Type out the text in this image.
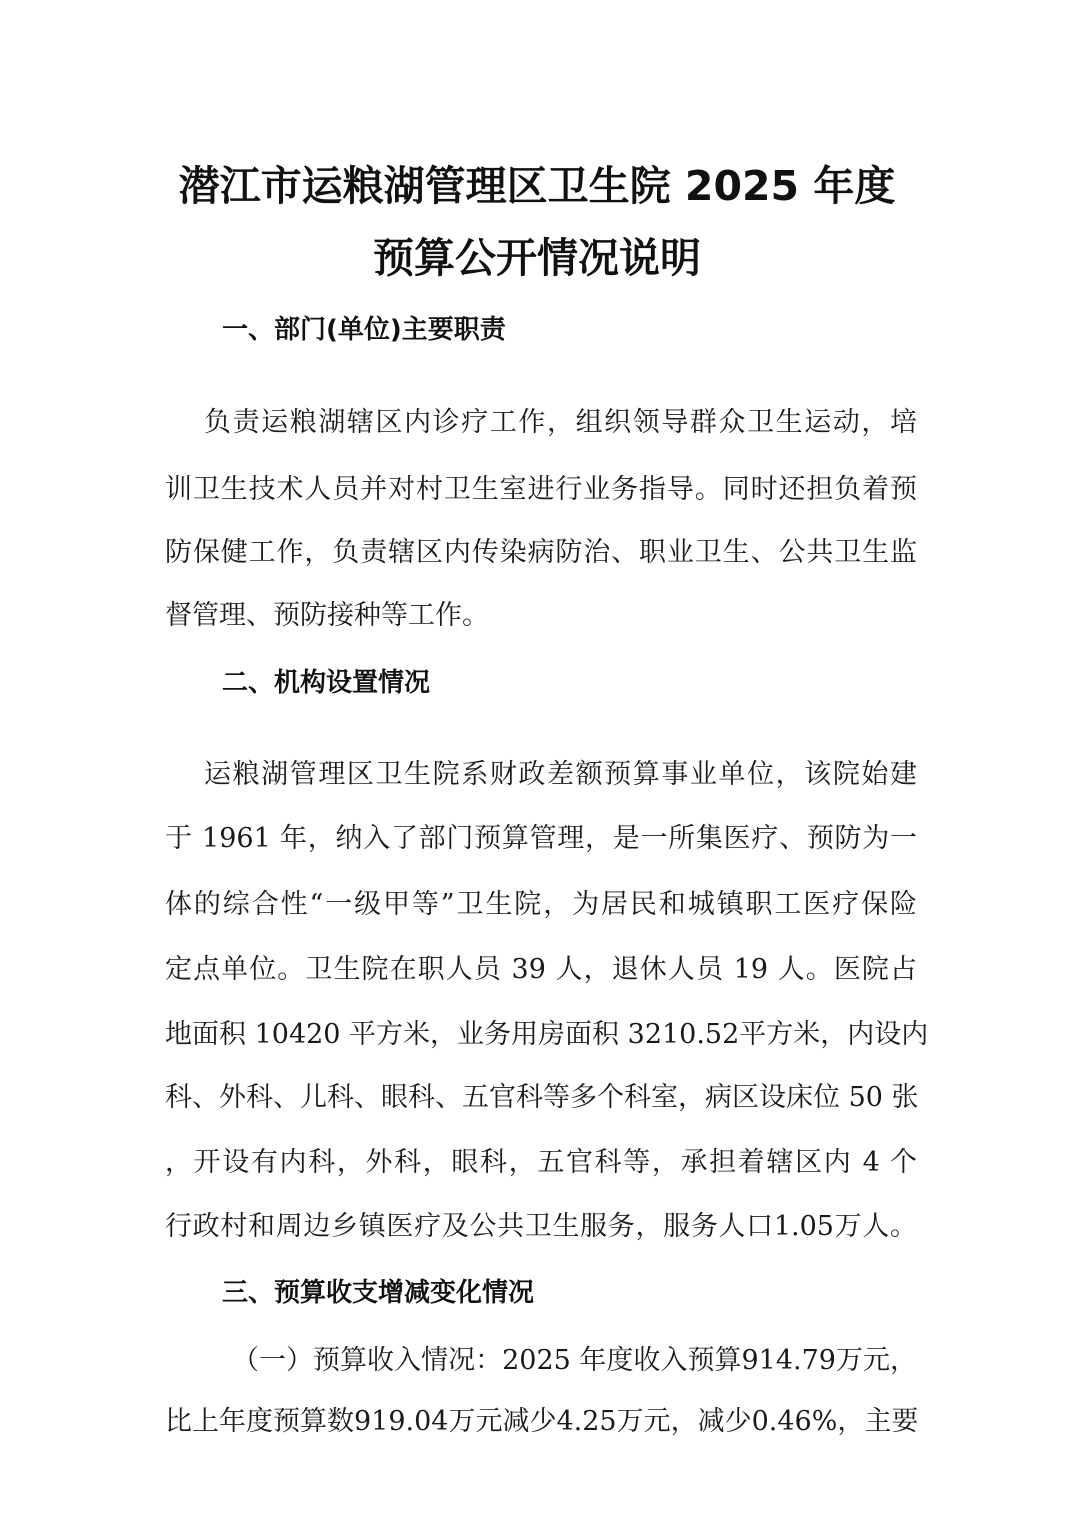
潜江市运粮湖管理区卫生院 2025 年度
预算公开情况说明
一、部门(单位)主要职责
负责运粮湖辖区内诊疗工作，组织领导群众卫生运动，培
训卫生技术人员并对村卫生室进行业务指导。同时还担负着预
防保健工作，负责辖区内传染病防治、职业卫生、公共卫生监
督管理、预防接种等工作。
二、机构设置情况
运粮湖管理区卫生院系财政差额预算事业单位，该院始建
于 1961 年，纳入了部门预算管理，是一所集医疗、预防为一
体的综合性“一级甲等”卫生院，为居民和城镇职工医疗保险
定点单位。卫生院在职人员 39 人，退休人员 19 人。医院占
地面积 10420 平方米，业务用房面积 3210.52平方米，内设内
科、外科、儿科、眼科、五官科等多个科室，病区设床位 50 张
，开设有内科，外科，眼科，五官科等，承担着辖区内 4 个
行政村和周边乡镇医疗及公共卫生服务，服务人口1.05万人。
三、预算收支增减变化情况
（一）预算收入情况：2025 年度收入预算914.79万元，
比上年度预算数919.04万元减少4.25万元，减少0.46%，主要
